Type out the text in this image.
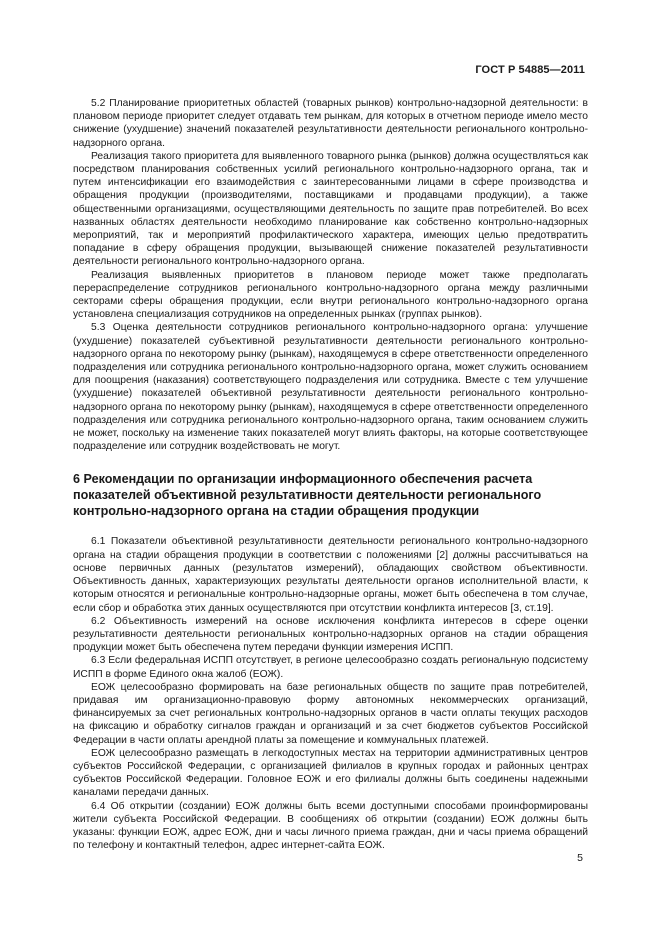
ГОСТ Р 54885—2011

5.2 Планирование приоритетных областей (товарных рынков) контрольно-надзорной деятельности: в плановом периоде приоритет следует отдавать тем рынкам, для которых в отчетном периоде имело место снижение (ухудшение) значений показателей результативности деятельности регионального контрольно-надзорного органа.

Реализация такого приоритета для выявленного товарного рынка (рынков) должна осуществляться как посредством планирования собственных усилий регионального контрольно-надзорного органа, так и путем интенсификации его взаимодействия с заинтересованными лицами в сфере производства и обращения продукции (производителями, поставщиками и продавцами продукции), а также общественными организациями, осуществляющими деятельность по защите прав потребителей. Во всех названных областях деятельности необходимо планирование как собственно контрольно-надзорных мероприятий, так и мероприятий профилактического характера, имеющих целью предотвратить попадание в сферу обращения продукции, вызывающей снижение показателей результативности деятельности регионального контрольно-надзорного органа.

Реализация выявленных приоритетов в плановом периоде может также предполагать перераспределение сотрудников регионального контрольно-надзорного органа между различными секторами сферы обращения продукции, если внутри регионального контрольно-надзорного органа установлена специализация сотрудников на определенных рынках (группах рынков).

5.3 Оценка деятельности сотрудников регионального контрольно-надзорного органа: улучшение (ухудшение) показателей субъективной результативности деятельности регионального контрольно-надзорного органа по некоторому рынку (рынкам), находящемуся в сфере ответственности определенного подразделения или сотрудника регионального контрольно-надзорного органа, может служить основанием для поощрения (наказания) соответствующего подразделения или сотрудника. Вместе с тем улучшение (ухудшение) показателей объективной результативности деятельности регионального контрольно-надзорного органа по некоторому рынку (рынкам), находящемуся в сфере ответственности определенного подразделения или сотрудника регионального контрольно-надзорного органа, таким основанием служить не может, поскольку на изменение таких показателей могут влиять факторы, на которые соответствующее подразделение или сотрудник воздействовать не могут.

6 Рекомендации по организации информационного обеспечения расчета показателей объективной результативности деятельности регионального контрольно-надзорного органа на стадии обращения продукции

6.1 Показатели объективной результативности деятельности регионального контрольно-надзорного органа на стадии обращения продукции в соответствии с положениями [2] должны рассчитываться на основе первичных данных (результатов измерений), обладающих свойством объективности. Объективность данных, характеризующих результаты деятельности органов исполнительной власти, к которым относятся и региональные контрольно-надзорные органы, может быть обеспечена в том случае, если сбор и обработка этих данных осуществляются при отсутствии конфликта интересов [3, ст.19].

6.2 Объективность измерений на основе исключения конфликта интересов в сфере оценки результативности деятельности региональных контрольно-надзорных органов на стадии обращения продукции может быть обеспечена путем передачи функции измерения ИСПП.

6.3 Если федеральная ИСПП отсутствует, в регионе целесообразно создать региональную подсистему ИСПП в форме Единого окна жалоб (ЕОЖ).

ЕОЖ целесообразно формировать на базе региональных обществ по защите прав потребителей, придавая им организационно-правовую форму автономных некоммерческих организаций, финансируемых за счет региональных контрольно-надзорных органов в части оплаты текущих расходов на фиксацию и обработку сигналов граждан и организаций и за счет бюджетов субъектов Российской Федерации в части оплаты арендной платы за помещение и коммунальных платежей.

ЕОЖ целесообразно размещать в легкодоступных местах на территории административных центров субъектов Российской Федерации, с организацией филиалов в крупных городах и районных центрах субъектов Российской Федерации. Головное ЕОЖ и его филиалы должны быть соединены надежными каналами передачи данных.

6.4 Об открытии (создании) ЕОЖ должны быть всеми доступными способами проинформированы жители субъекта Российской Федерации. В сообщениях об открытии (создании) ЕОЖ должны быть указаны: функции ЕОЖ, адрес ЕОЖ, дни и часы личного приема граждан, дни и часы приема обращений по телефону и контактный телефон, адрес интернет-сайта ЕОЖ.

5
